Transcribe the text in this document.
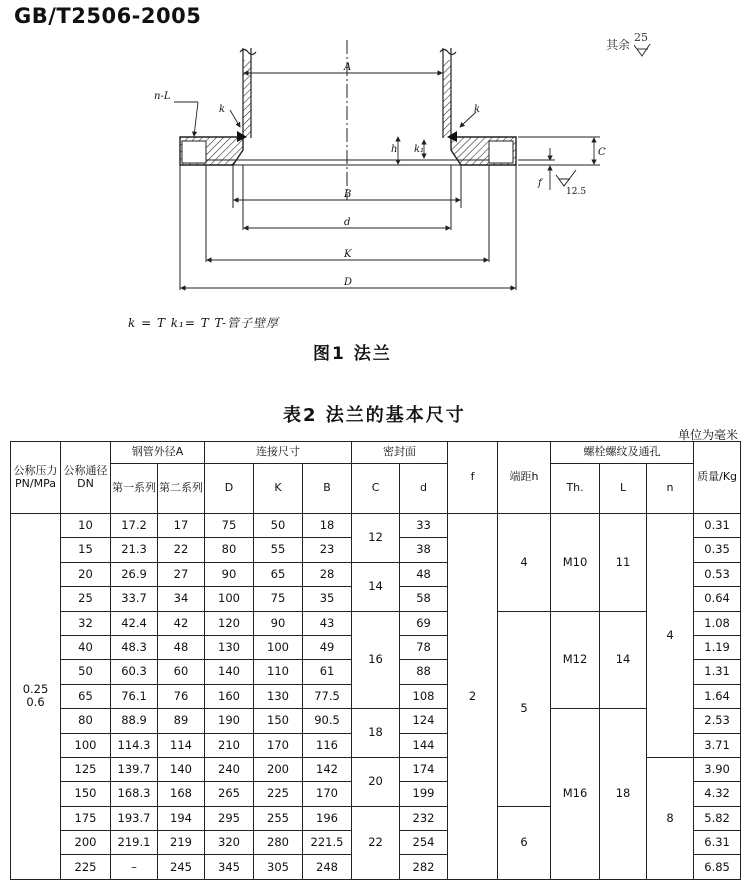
GB/T2506-2005
其余
25
A
B
d
K
D
C
h k₁
f
n-L
k	k
12.5
k = T k₁= T T-管子壁厚
图1 法兰
表2 法兰的基本尺寸
单位为毫米
公称压力PN/MPa	公称通径DN	钢管外径A		连接尺寸			密封面		f	端距h	螺栓螺纹及通孔			质量/Kg
		第一系列	第二系列	D	K	B	C	d			Th.	L	n	
0.25 0.6	10	17.2	17	75	50	18	12	33	2	4	M10	11	4	0.31
	15	21.3	22	80	55	23		38						0.35
	20	26.9	27	90	65	28	14	48						0.53
	25	33.7	34	100	75	35		58						0.64
	32	42.4	42	120	90	43	16	69		5	M12	14		1.08
	40	48.3	48	130	100	49		78						1.19
	50	60.3	60	140	110	61		88						1.31
	65	76.1	76	160	130	77.5		108						1.64
	80	88.9	89	190	150	90.5	18	124			M16	18		2.53
	100	114.3	114	210	170	116		144						3.71
	125	139.7	140	240	200	142	20	174					8	3.90
	150	168.3	168	265	225	170		199						4.32
	175	193.7	194	295	255	196	22	232		6				5.82
	200	219.1	219	320	280	221.5		254						6.31
	225	–	245	345	305	248		282						6.85
